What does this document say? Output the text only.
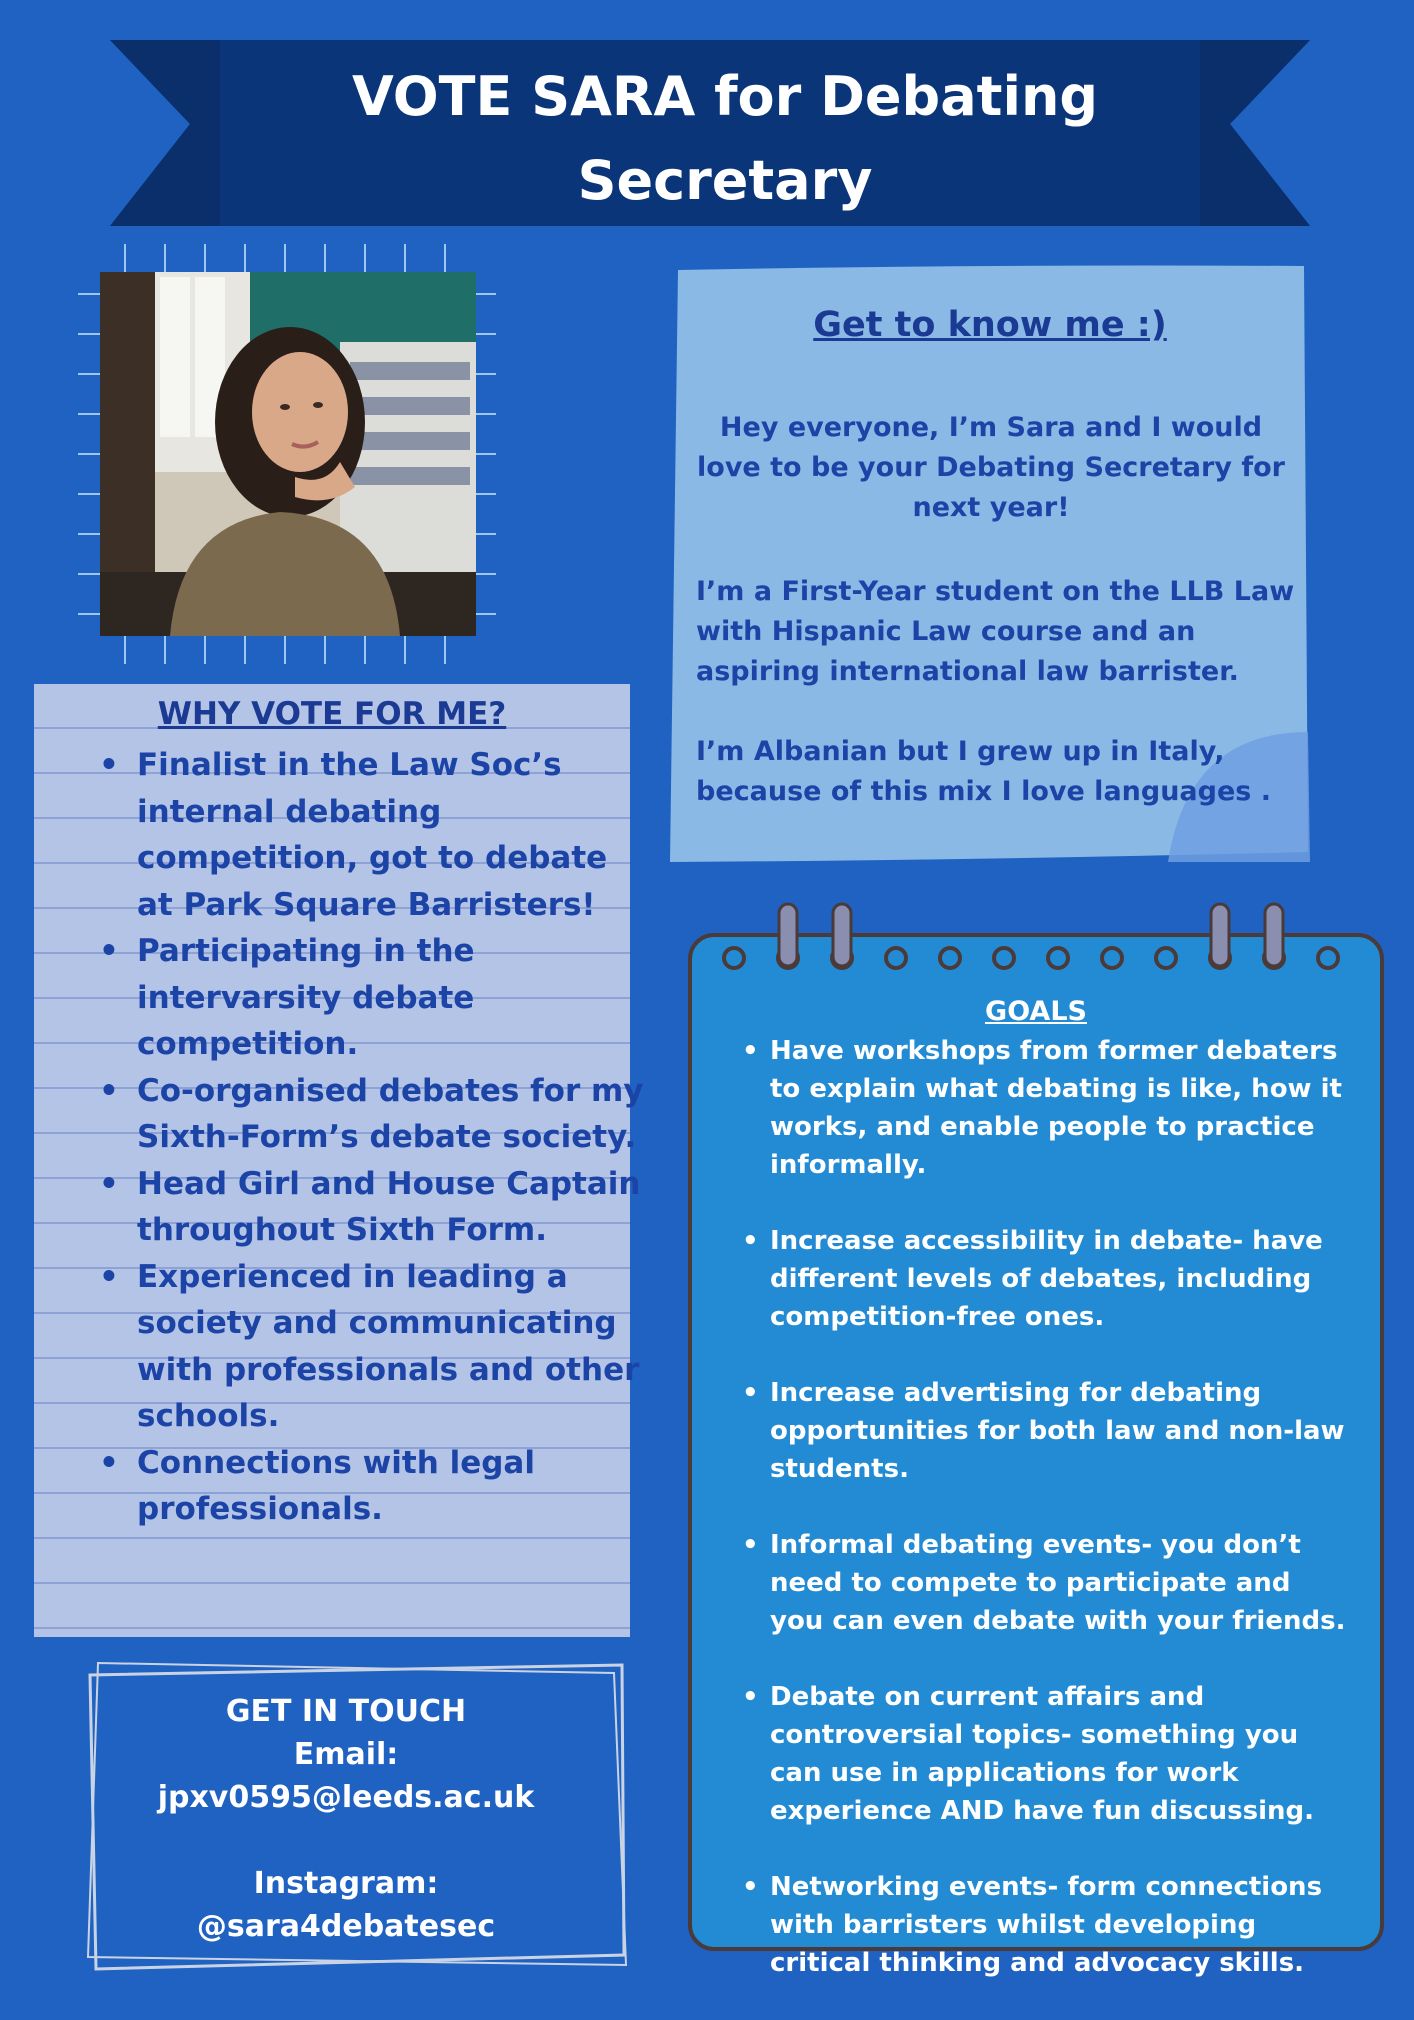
VOTE SARA for Debating Secretary
WHY VOTE FOR ME?
• Finalist in the Law Soc’s internal debating competition, got to debate at Park Square Barristers!
• Participating in the intervarsity debate competition.
• Co-organised debates for my Sixth-Form’s debate society.
• Head Girl and House Captain throughout Sixth Form.
• Experienced in leading a society and communicating with professionals and other schools.
• Connections with legal professionals.
GET IN TOUCH
Email:
jpxv0595@leeds.ac.uk
Instagram:
@sara4debatesec
Get to know me :)

Hey everyone, I’m Sara and I would love to be your Debating Secretary for next year!

I’m a First-Year student on the LLB Law with Hispanic Law course and an aspiring international law barrister.

I’m Albanian but I grew up in Italy, because of this mix I love languages .

GOALS
• Have workshops from former debaters to explain what debating is like, how it works, and enable people to practice informally.
• Increase accessibility in debate- have different levels of debates, including competition-free ones.
• Increase advertising for debating opportunities for both law and non-law students.
• Informal debating events- you don’t need to compete to participate and you can even debate with your friends.
• Debate on current affairs and controversial topics- something you can use in applications for work experience AND have fun discussing.
• Networking events- form connections with barristers whilst developing critical thinking and advocacy skills.
